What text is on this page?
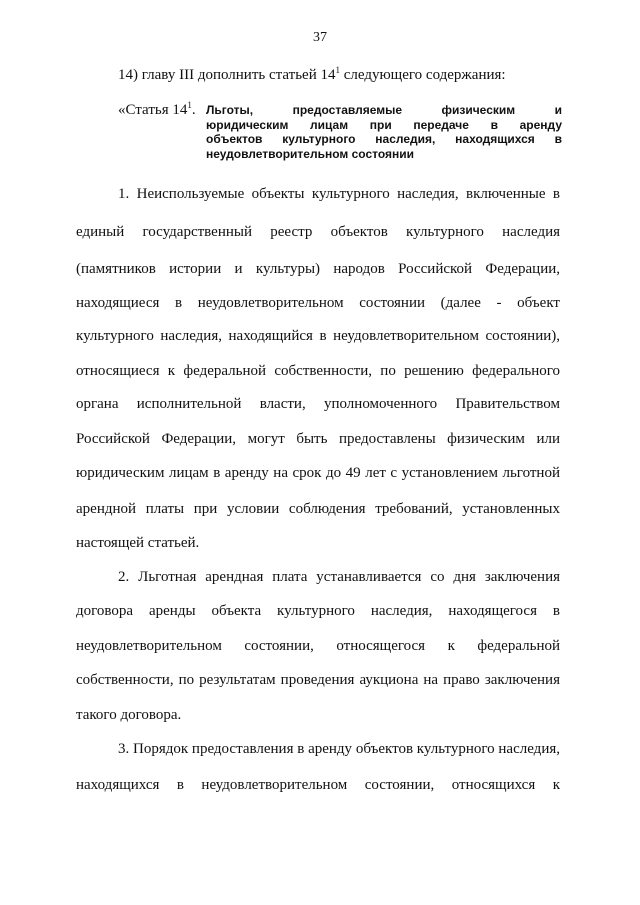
37
14) главу III дополнить статьей $14^1$ следующего содержания:
«Статья $14^1$. Льготы, предоставляемые физическим и
юридическим лицам при передаче в аренду
объектов культурного наследия, находящихся в
неудовлетворительном состоянии
1. Неиспользуемые объекты культурного наследия, включенные в
единый государственный реестр объектов культурного наследия
(памятников истории и культуры) народов Российской Федерации,
находящиеся в неудовлетворительном состоянии (далее - объект
культурного наследия, находящийся в неудовлетворительном состоянии),
относящиеся к федеральной собственности, по решению федерального
органа исполнительной власти, уполномоченного Правительством
Российской Федерации, могут быть предоставлены физическим или
юридическим лицам в аренду на срок до 49 лет с установлением льготной
арендной платы при условии соблюдения требований, установленных
настоящей статьей.
2. Льготная арендная плата устанавливается со дня заключения
договора аренды объекта культурного наследия, находящегося в
неудовлетворительном состоянии, относящегося к федеральной
собственности, по результатам проведения аукциона на право заключения
такого договора.
3. Порядок предоставления в аренду объектов культурного наследия,
находящихся в неудовлетворительном состоянии, относящихся к
